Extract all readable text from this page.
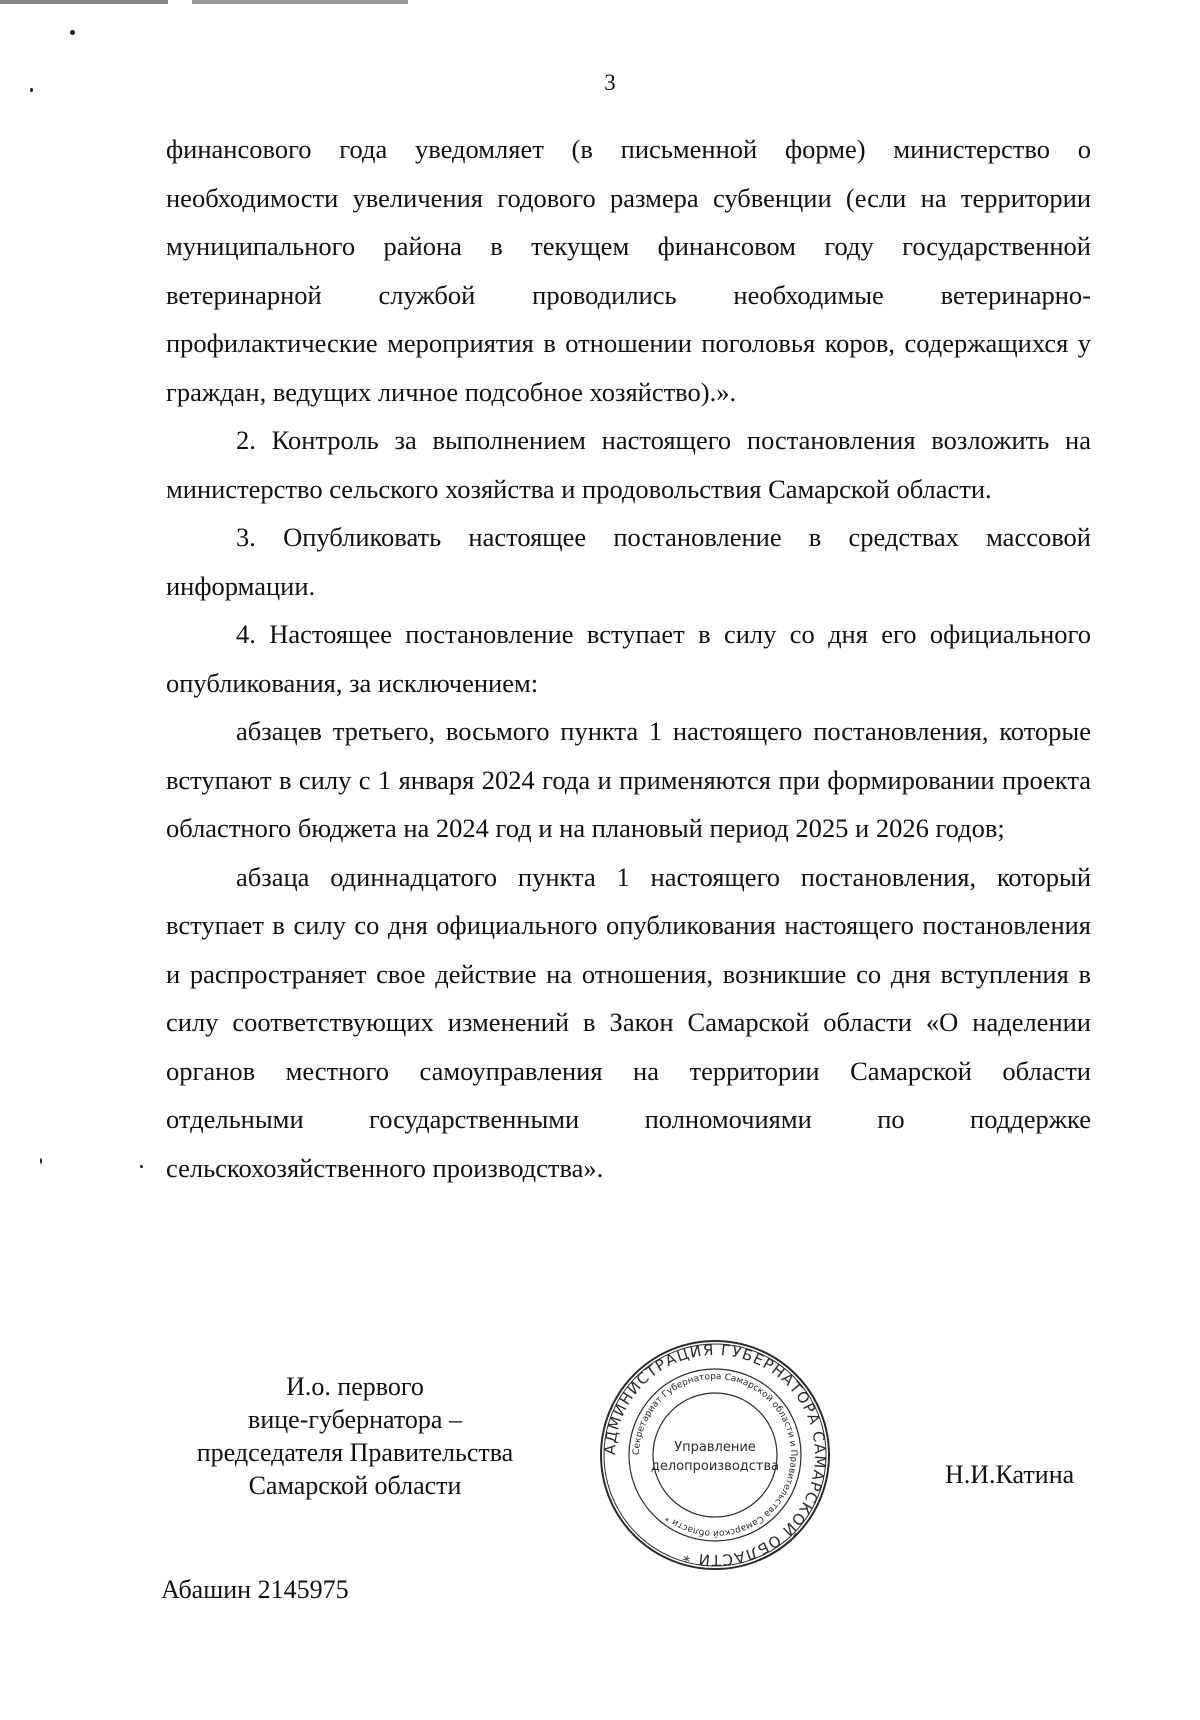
3

финансового года уведомляет (в письменной форме) министерство о необходимости увеличения годового размера субвенции (если на территории муниципального района в текущем финансовом году государственной ветеринарной службой проводились необходимые ветеринарно-профилактические мероприятия в отношении поголовья коров, содержащихся у граждан, ведущих личное подсобное хозяйство).».

2. Контроль за выполнением настоящего постановления возложить на министерство сельского хозяйства и продовольствия Самарской области.

3. Опубликовать настоящее постановление в средствах массовой информации.

4. Настоящее постановление вступает в силу со дня его официального опубликования, за исключением:

абзацев третьего, восьмого пункта 1 настоящего постановления, которые вступают в силу с 1 января 2024 года и применяются при формировании проекта областного бюджета на 2024 год и на плановый период 2025 и 2026 годов;

абзаца одиннадцатого пункта 1 настоящего постановления, который вступает в силу со дня официального опубликования настоящего постановления и распространяет свое действие на отношения, возникшие со дня вступления в силу соответствующих изменений в Закон Самарской области «О наделении органов местного самоуправления на территории Самарской области отдельными государственными полномочиями по поддержке сельскохозяйственного производства».

И.о. первого
вице-губернатора –
председателя Правительства
Самарской области
АДМИНИСТРАЦИЯ ГУБЕРНАТОРА САМАРСКОЙ ОБЛАСТИ *
Секретариат Губернатора Самарской области и Правительства Самарской области *
Управление
делопроизводства	Н.И.Катина
Абашин 2145975
